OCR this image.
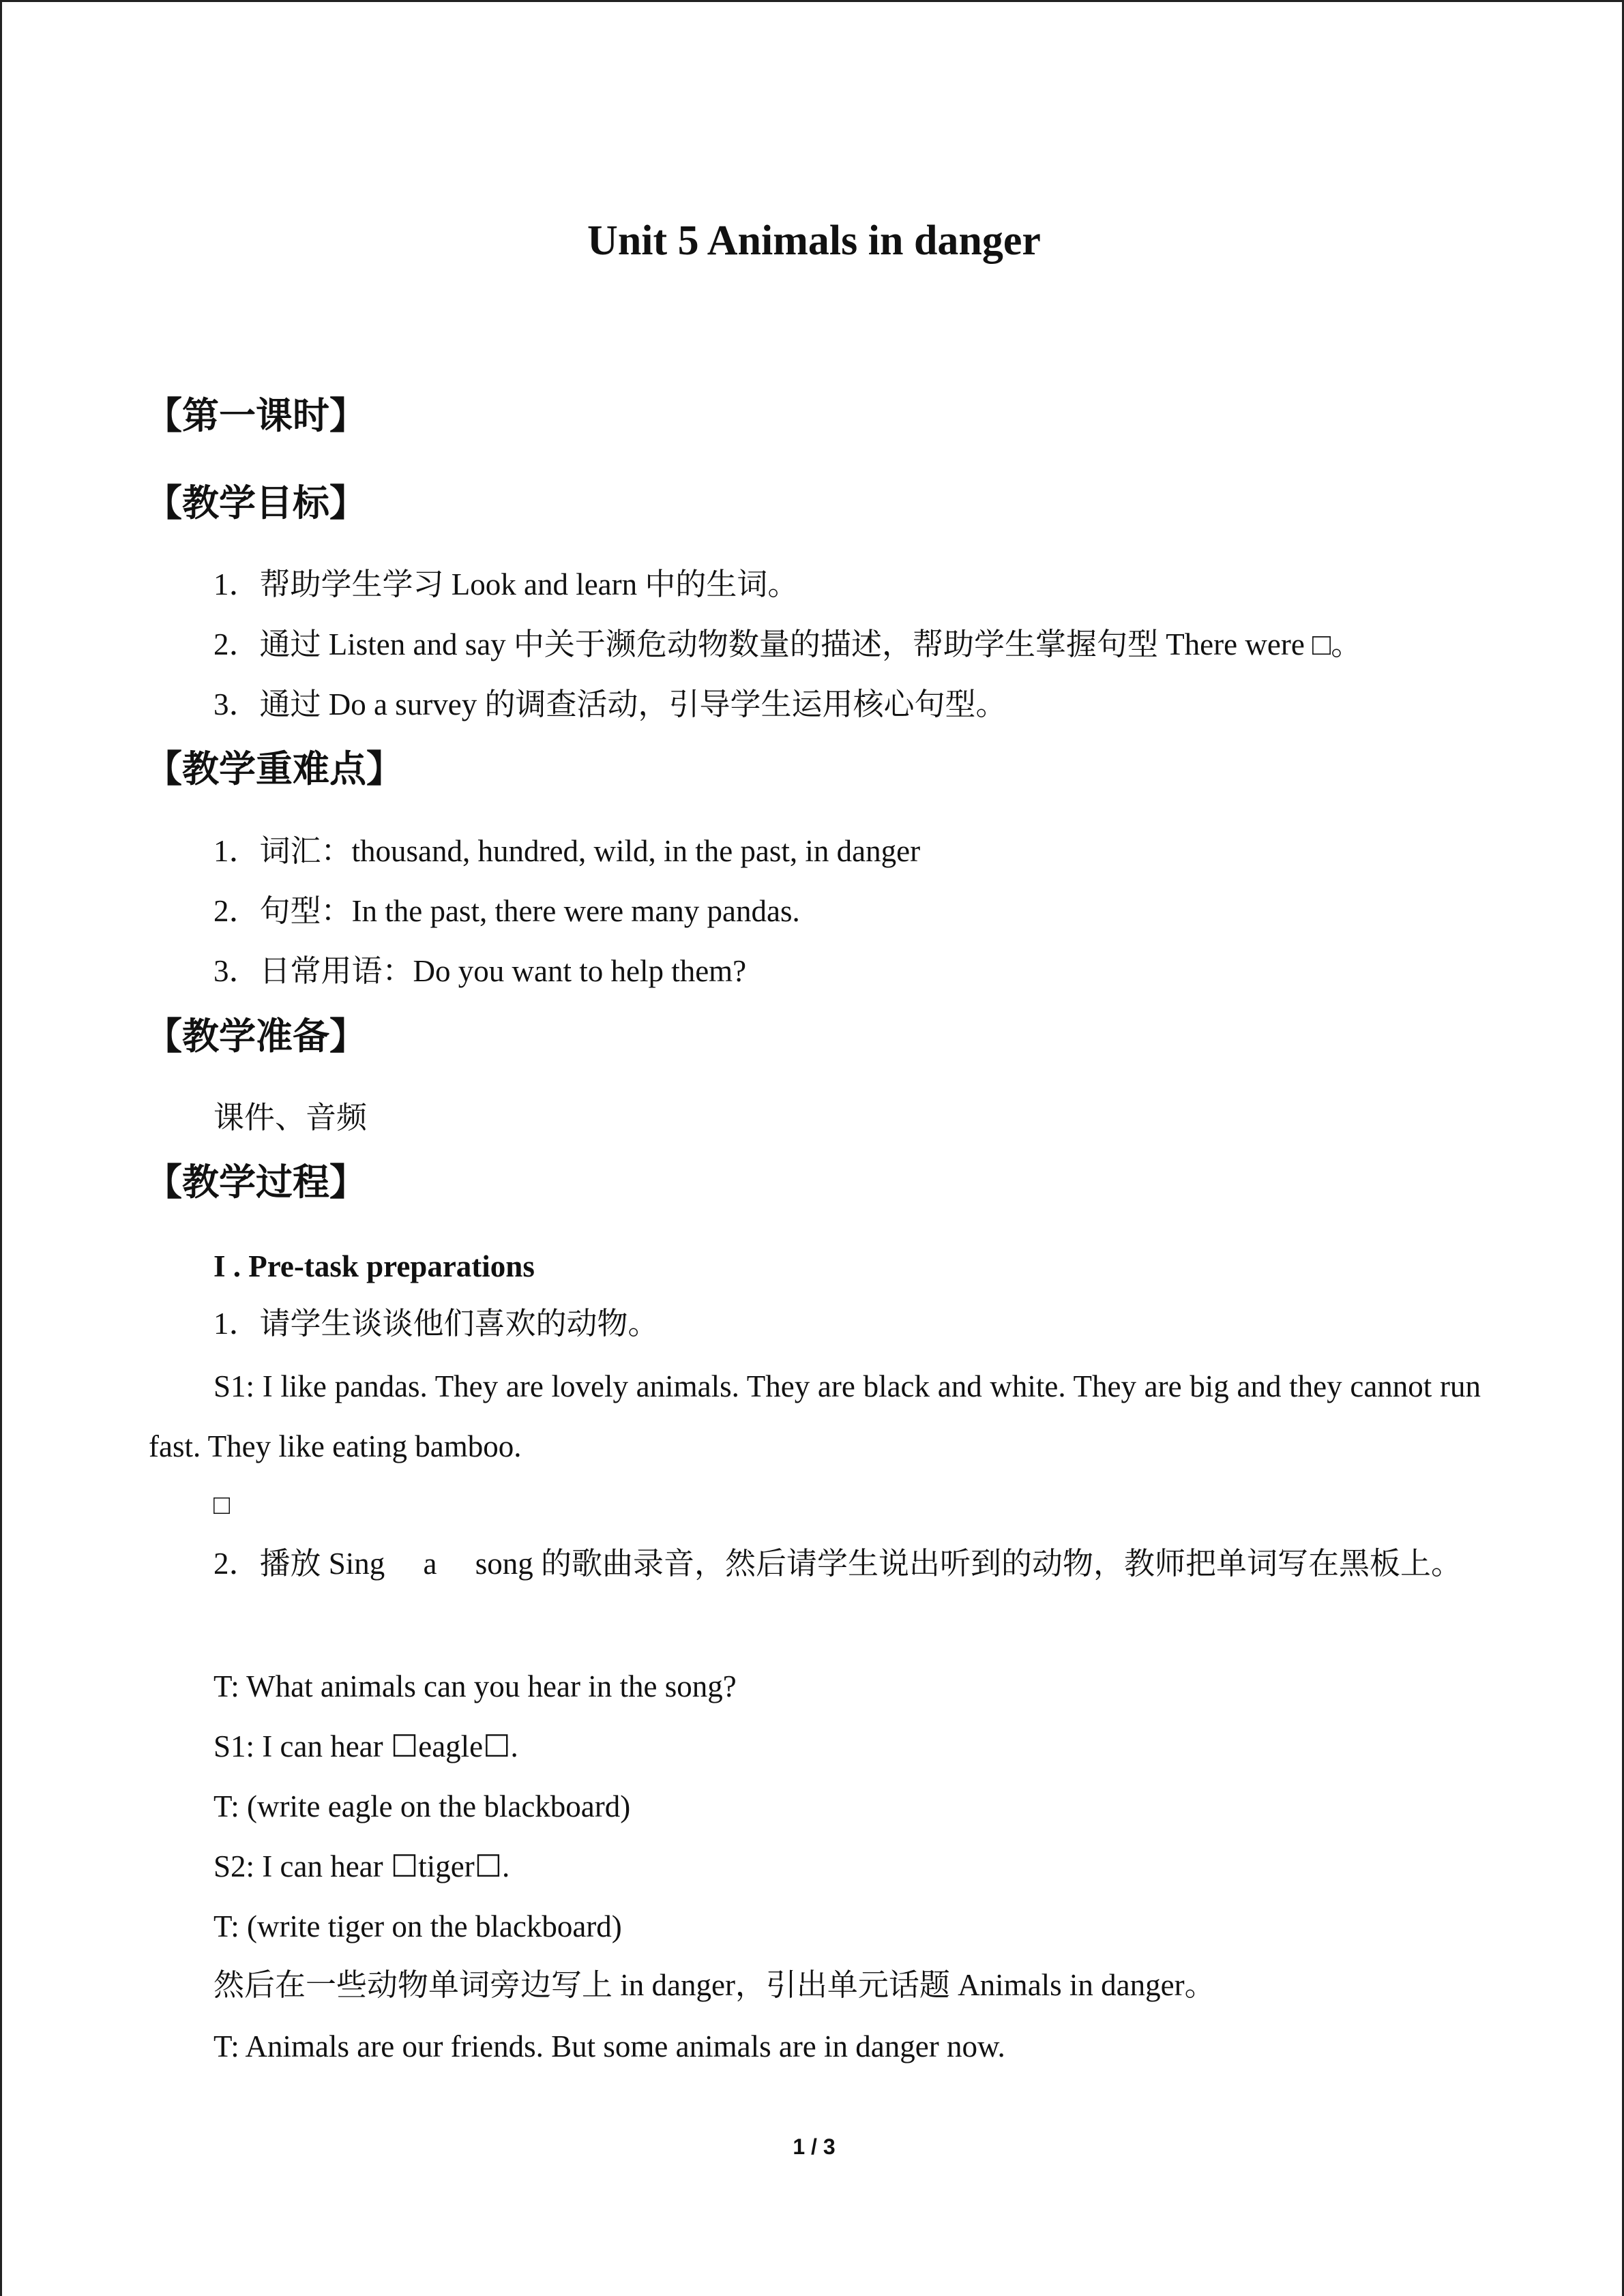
Unit 5 Animals in danger
【第一课时】
【教学目标】
1．帮助学生学习 Look and learn 中的生词。
2．通过 Listen and say 中关于濒危动物数量的描述，帮助学生掌握句型 There were □。
3．通过 Do a survey 的调查活动，引导学生运用核心句型。
【教学重难点】
1．词汇：thousand, hundred, wild, in the past, in danger
2．句型：In the past, there were many pandas.
3．日常用语：Do you want to help them?
【教学准备】
课件、音频
【教学过程】
I . Pre-task preparations
1．请学生谈谈他们喜欢的动物。
S1: I like pandas. They are lovely animals. They are black and white. They are big and they cannot run fast. They like eating bamboo.
□
2．播放 Sing　 a　 song 的歌曲录音，然后请学生说出听到的动物，教师把单词写在黑板上。
T: What animals can you hear in the song?
S1: I can hear ☐eagle☐.
T: (write eagle on the blackboard)
S2: I can hear ☐tiger☐.
T: (write tiger on the blackboard)
然后在一些动物单词旁边写上 in danger，引出单元话题 Animals in danger。
T: Animals are our friends. But some animals are in danger now.
1 / 3
